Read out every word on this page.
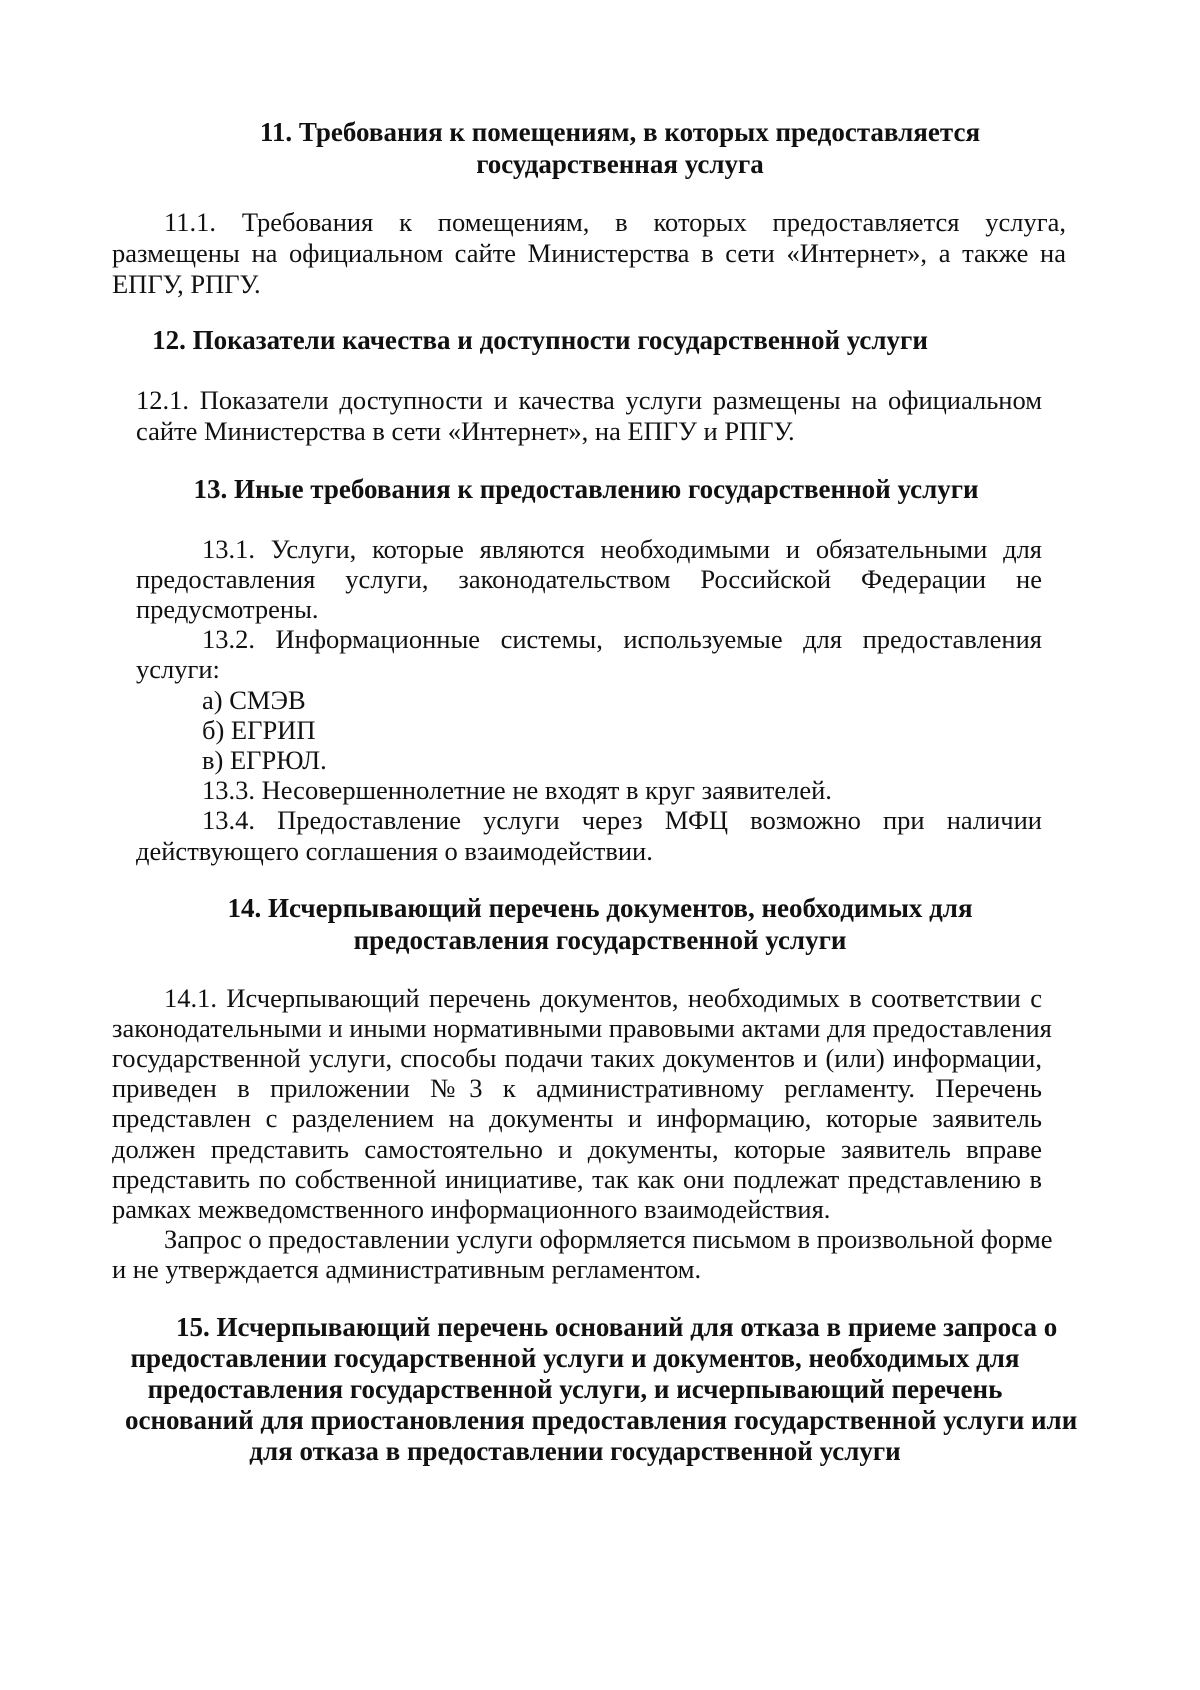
11. Требования к помещениям, в которых предоставляется
государственная услуга
11.1. Требования к помещениям, в которых предоставляется услуга,
размещены на официальном сайте Министерства в сети «Интернет», а также на
ЕПГУ, РПГУ.
12. Показатели качества и доступности государственной услуги
12.1. Показатели доступности и качества услуги размещены на официальном
сайте Министерства в сети «Интернет», на ЕПГУ и РПГУ.
13. Иные требования к предоставлению государственной услуги
13.1. Услуги, которые являются необходимыми и обязательными для
предоставления услуги, законодательством Российской Федерации не
предусмотрены.
13.2. Информационные системы, используемые для предоставления
услуги:
а) СМЭВ
б) ЕГРИП
в) ЕГРЮЛ.
13.3. Несовершеннолетние не входят в круг заявителей.
13.4. Предоставление услуги через МФЦ возможно при наличии
действующего соглашения о взаимодействии.
14. Исчерпывающий перечень документов, необходимых для
предоставления государственной услуги
14.1. Исчерпывающий перечень документов, необходимых в соответствии с
законодательными и иными нормативными правовыми актами для предоставления
государственной услуги, способы подачи таких документов и (или) информации,
приведен в приложении №3 к административному регламенту. Перечень
представлен с разделением на документы и информацию, которые заявитель
должен представить самостоятельно и документы, которые заявитель вправе
представить по собственной инициативе, так как они подлежат представлению в
рамках межведомственного информационного взаимодействия.
Запрос о предоставлении услуги оформляется письмом в произвольной форме
и не утверждается административным регламентом.
15. Исчерпывающий перечень оснований для отказа в приеме запроса о
предоставлении государственной услуги и документов, необходимых для
предоставления государственной услуги, и исчерпывающий перечень
оснований для приостановления предоставления государственной услуги или
для отказа в предоставлении государственной услуги
